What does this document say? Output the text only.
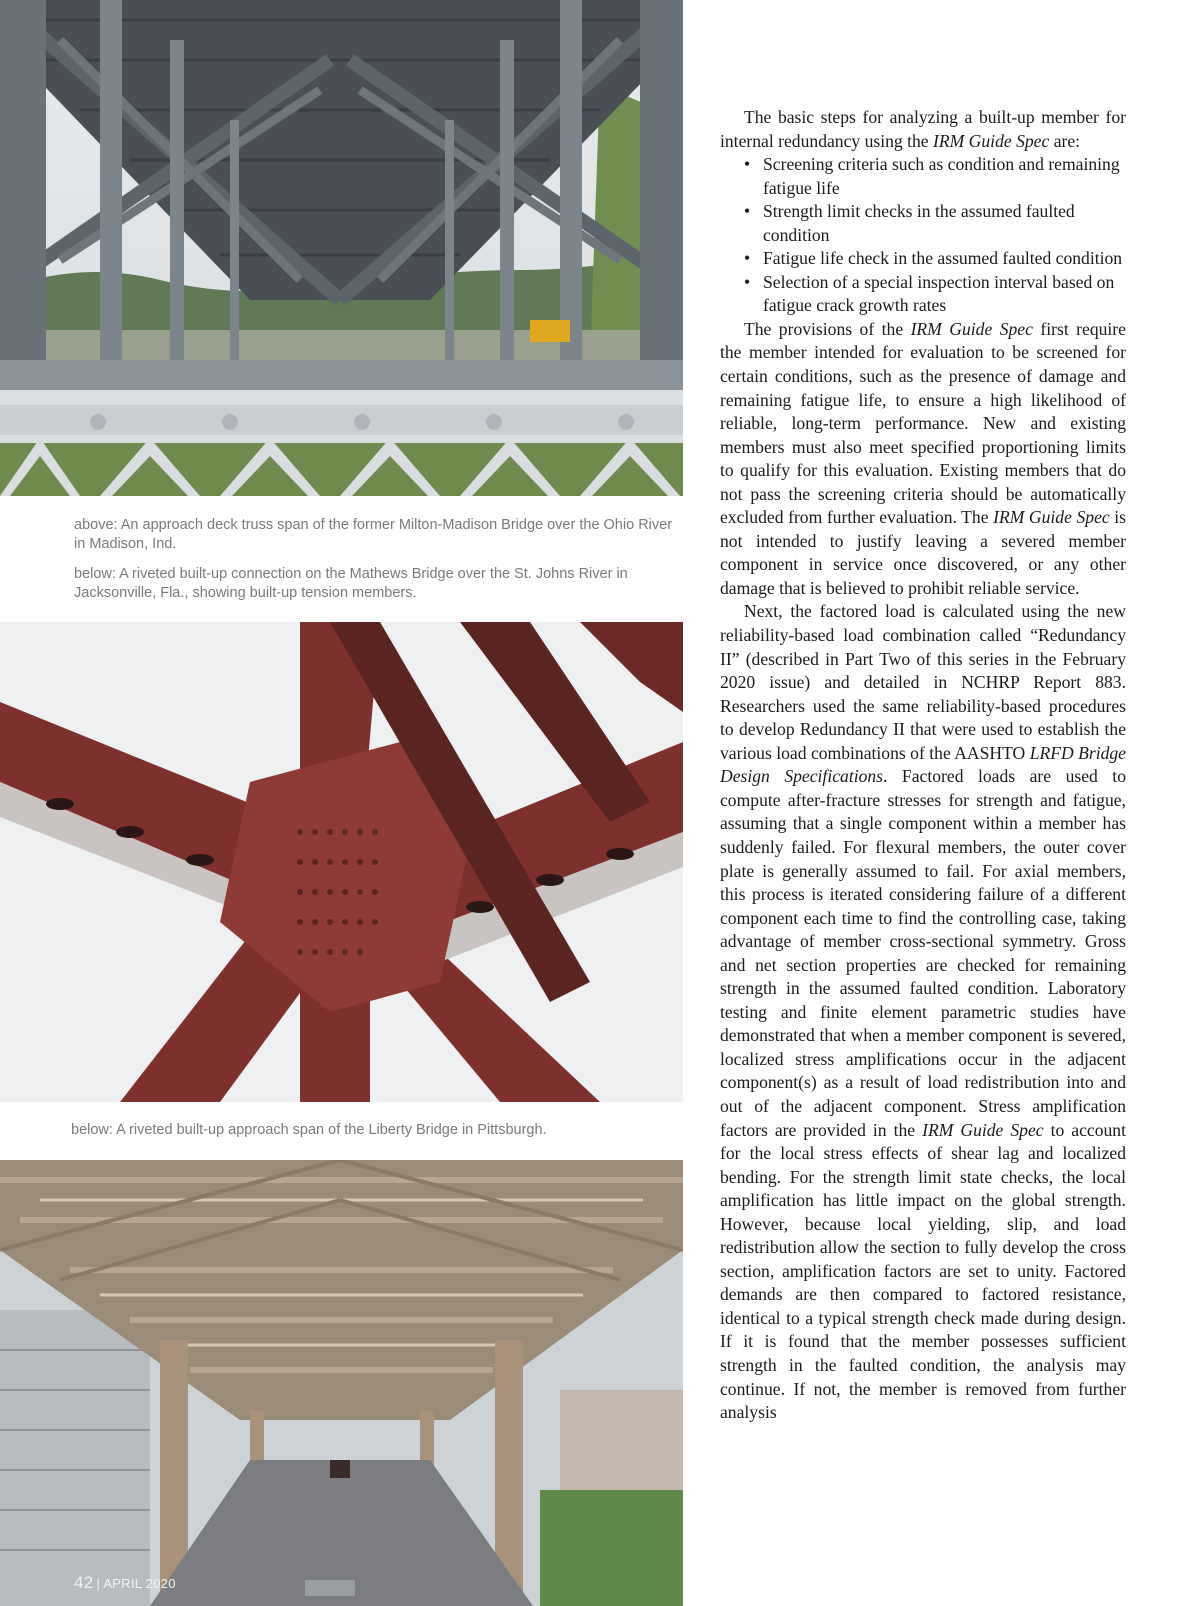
above: An approach deck truss span of the former Milton-Madison Bridge over the Ohio River in Madison, Ind.

below: A riveted built-up connection on the Mathews Bridge over the St. Johns River in Jacksonville, Fla., showing built-up tension members.

below: A riveted built-up approach span of the Liberty Bridge in Pittsburgh.

The basic steps for analyzing a built-up member for internal redundancy using the IRM Guide Spec are:

• Screening criteria such as condition and remaining fatigue life
• Strength limit checks in the assumed faulted condition
• Fatigue life check in the assumed faulted condition
• Selection of a special inspection interval based on fatigue crack growth rates

The provisions of the IRM Guide Spec first require the member intended for evaluation to be screened for certain conditions, such as the presence of damage and remaining fatigue life, to ensure a high likelihood of reliable, long-term performance. New and existing members must also meet specified proportioning limits to qualify for this evaluation. Existing members that do not pass the screening criteria should be automatically excluded from further evaluation. The IRM Guide Spec is not intended to justify leaving a severed member component in service once discovered, or any other damage that is believed to prohibit reliable service.

Next, the factored load is calculated using the new reliability-based load combination called “Redundancy II” (described in Part Two of this series in the February 2020 issue) and detailed in NCHRP Report 883. Researchers used the same reliability-based procedures to develop Redundancy II that were used to establish the various load combinations of the AASHTO LRFD Bridge Design Specifications. Factored loads are used to compute after-fracture stresses for strength and fatigue, assuming that a single component within a member has suddenly failed. For flexural members, the outer cover plate is generally assumed to fail. For axial members, this process is iterated considering failure of a different component each time to find the controlling case, taking advantage of member cross-sectional symmetry. Gross and net section properties are checked for remaining strength in the assumed faulted condition. Laboratory testing and finite element parametric studies have demonstrated that when a member component is severed, localized stress amplifications occur in the adjacent component(s) as a result of load redistribution into and out of the adjacent component. Stress amplification factors are provided in the IRM Guide Spec to account for the local stress effects of shear lag and localized bending. For the strength limit state checks, the local amplification has little impact on the global strength. However, because local yielding, slip, and load redistribution allow the section to fully develop the cross section, amplification factors are set to unity. Factored demands are then compared to factored resistance, identical to a typical strength check made during design. If it is found that the member possesses sufficient strength in the faulted condition, the analysis may continue. If not, the member is removed from further analysis

42 | APRIL 2020
